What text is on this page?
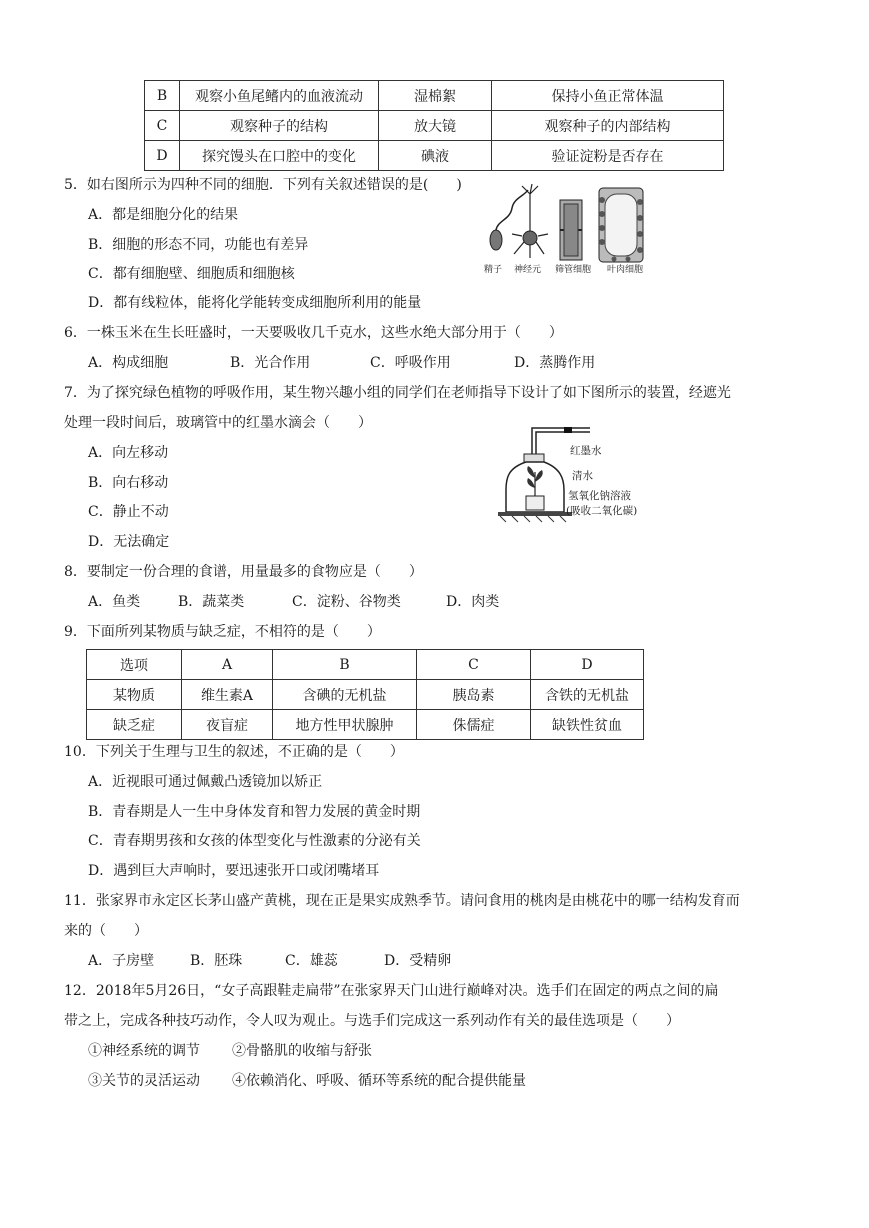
B	观察小鱼尾鳍内的血液流动	湿棉絮	保持小鱼正常体温
C	观察种子的结构	放大镜	观察种子的内部结构
D	探究馒头在口腔中的变化	碘液	验证淀粉是否存在
5．如右图所示为四种不同的细胞．下列有关叙述错误的是(　　)
A．都是细胞分化的结果
B．细胞的形态不同，功能也有差异
C．都有细胞壁、细胞质和细胞核
D．都有线粒体，能将化学能转变成细胞所利用的能量
精子 神经元 筛管细胞 叶肉细胞
6．一株玉米在生长旺盛时，一天要吸收几千克水，这些水绝大部分用于（　　）
A．构成细胞	B．光合作用	C．呼吸作用	D．蒸腾作用
7．为了探究绿色植物的呼吸作用，某生物兴趣小组的同学们在老师指导下设计了如下图所示的装置，经遮光
处理一段时间后，玻璃管中的红墨水滴会（　　）
A．向左移动
B．向右移动
C．静止不动
D．无法确定
红墨水
清水
氢氧化钠溶液
(吸收二氧化碳)
8．要制定一份合理的食谱，用量最多的食物应是（　　）
A．鱼类	B．蔬菜类	C．淀粉、谷物类	D．肉类
9．下面所列某物质与缺乏症，不相符的是（　　）
选项	A	B	C	D
某物质	维生素A	含碘的无机盐	胰岛素	含铁的无机盐
缺乏症	夜盲症	地方性甲状腺肿	侏儒症	缺铁性贫血
10．下列关于生理与卫生的叙述，不正确的是（　　）
A．近视眼可通过佩戴凸透镜加以矫正
B．青春期是人一生中身体发育和智力发展的黄金时期
C．青春期男孩和女孩的体型变化与性激素的分泌有关
D．遇到巨大声响时，要迅速张开口或闭嘴堵耳
11．张家界市永定区长茅山盛产黄桃，现在正是果实成熟季节。请问食用的桃肉是由桃花中的哪一结构发育而
来的（　　）
A．子房壁	B．胚珠	C．雄蕊	D．受精卵
12．2018年5月26日，“女子高跟鞋走扁带”在张家界天门山进行巅峰对决。选手们在固定的两点之间的扁
带之上，完成各种技巧动作，令人叹为观止。与选手们完成这一系列动作有关的最佳选项是（　　）
①神经系统的调节 ②骨骼肌的收缩与舒张
③关节的灵活运动 ④依赖消化、呼吸、循环等系统的配合提供能量
